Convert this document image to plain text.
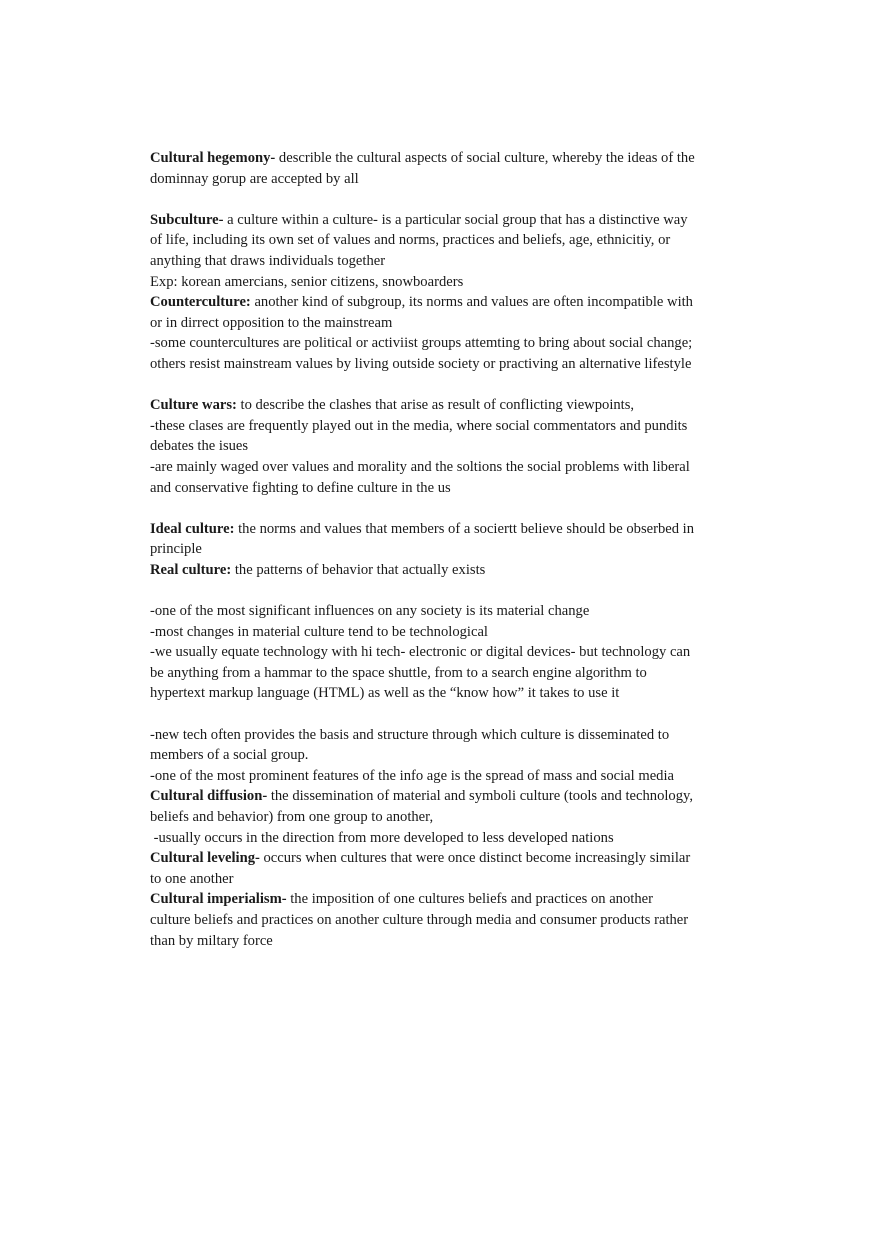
Cultural hegemony- describle the cultural aspects of social culture, whereby the ideas of the
dominnay gorup are accepted by all
Subculture- a culture within a culture- is a particular social group that has a distinctive way
of life, including its own set of values and norms, practices and beliefs, age, ethnicitiy, or
anything that draws individuals together
Exp: korean amercians, senior citizens, snowboarders
Counterculture: another kind of subgroup, its norms and values are often incompatible with
or in dirrect opposition to the mainstream
-some countercultures are political or activiist groups attemting to bring about social change;
others resist mainstream values by living outside society or practiving an alternative lifestyle
Culture wars: to describe the clashes that arise as result of conflicting viewpoints,
-these clases are frequently played out in the media, where social commentators and pundits
debates the isues
-are mainly waged over values and morality and the soltions the social problems with liberal
and conservative fighting to define culture in the us
Ideal culture: the norms and values that members of a sociertt believe should be obserbed in
principle
Real culture: the patterns of behavior that actually exists
-one of the most significant influences on any society is its material change
-most changes in material culture tend to be technological
-we usually equate technology with hi tech- electronic or digital devices- but technology can
be anything from a hammar to the space shuttle, from to a search engine algorithm to
hypertext markup language (HTML) as well as the “know how” it takes to use it
-new tech often provides the basis and structure through which culture is disseminated to
members of a social group.
-one of the most prominent features of the info age is the spread of mass and social media
Cultural diffusion- the dissemination of material and symboli culture (tools and technology,
beliefs and behavior) from one group to another,
-usually occurs in the direction from more developed to less developed nations
Cultural leveling- occurs when cultures that were once distinct become increasingly similar
to one another
Cultural imperialism- the imposition of one cultures beliefs and practices on another
culture beliefs and practices on another culture through media and consumer products rather
than by miltary force
